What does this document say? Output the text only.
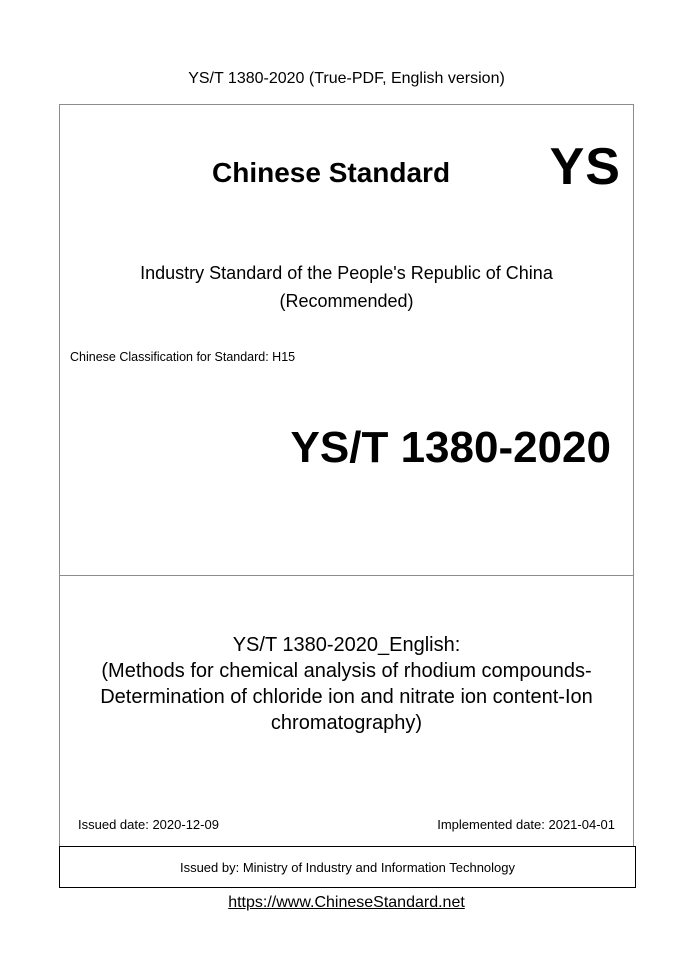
YS/T 1380-2020 (True-PDF, English version)
Chinese Standard YS
Industry Standard of the People's Republic of China
(Recommended)
Chinese Classification for Standard: H15
YS/T 1380-2020
YS/T 1380-2020_English:
(Methods for chemical analysis of rhodium compounds-
Determination of chloride ion and nitrate ion content-Ion
chromatography)
Issued date: 2020-12-09	Implemented date: 2021-04-01
Issued by: Ministry of Industry and Information Technology
https://www.ChineseStandard.net
